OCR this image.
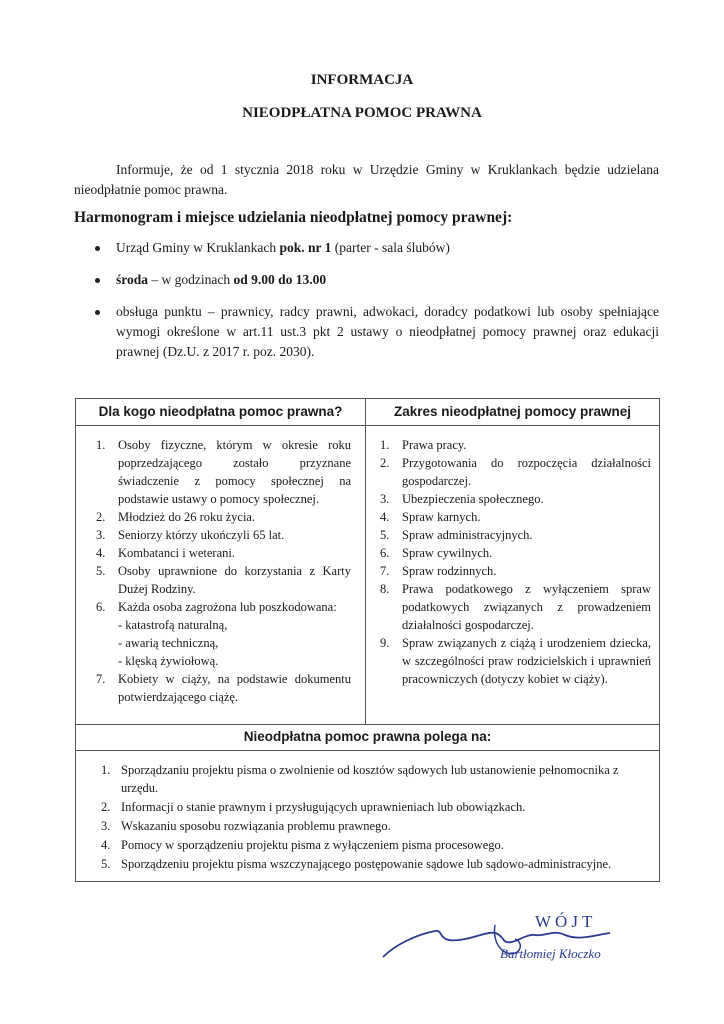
INFORMACJA
NIEODPŁATNA POMOC PRAWNA
Informuje, że od 1 stycznia 2018 roku w Urzędzie Gminy w Kruklankach będzie udzielana nieodpłatnie pomoc prawna.
Harmonogram i miejsce udzielania nieodpłatnej pomocy prawnej:
Urząd Gminy w Kruklankach pok. nr 1 (parter - sala ślubów)
środa – w godzinach od 9.00 do 13.00
obsługa punktu – prawnicy, radcy prawni, adwokaci, doradcy podatkowi lub osoby spełniające wymogi określone w art.11 ust.3 pkt 2 ustawy o nieodpłatnej pomocy prawnej oraz edukacji prawnej (Dz.U. z 2017 r. poz. 2030).
Dla kogo nieodpłatna pomoc prawna?
1. Osoby fizyczne, którym w okresie roku poprzedzającego zostało przyznane świadczenie z pomocy społecznej na podstawie ustawy o pomocy społecznej.
2. Młodzież do 26 roku życia.
3. Seniorzy którzy ukończyli 65 lat.
4. Kombatanci i weterani.
5. Osoby uprawnione do korzystania z Karty Dużej Rodziny.
6. Każda osoba zagrożona lub poszkodowana:
- katastrofą naturalną,
- awarią techniczną,
- klęską żywiołową.
7. Kobiety w ciąży, na podstawie dokumentu potwierdzającego ciążę.
Zakres nieodpłatnej pomocy prawnej
1. Prawa pracy.
2. Przygotowania do rozpoczęcia działalności gospodarczej.
3. Ubezpieczenia społecznego.
4. Spraw karnych.
5. Spraw administracyjnych.
6. Spraw cywilnych.
7. Spraw rodzinnych.
8. Prawa podatkowego z wyłączeniem spraw podatkowych związanych z prowadzeniem działalności gospodarczej.
9. Spraw związanych z ciążą i urodzeniem dziecka, w szczególności praw rodzicielskich i uprawnień pracowniczych (dotyczy kobiet w ciąży).
Nieodpłatna pomoc prawna polega na:
1. Sporządzaniu projektu pisma o zwolnienie od kosztów sądowych lub ustanowienie pełnomocnika z urzędu.
2. Informacji o stanie prawnym i przysługujących uprawnieniach lub obowiązkach.
3. Wskazaniu sposobu rozwiązania problemu prawnego.
4. Pomocy w sporządzeniu projektu pisma z wyłączeniem pisma procesowego.
5. Sporządzeniu projektu pisma wszczynającego postępowanie sądowe lub sądowo-administracyjne.
WÓJT
Bartłomiej Kłoczko
